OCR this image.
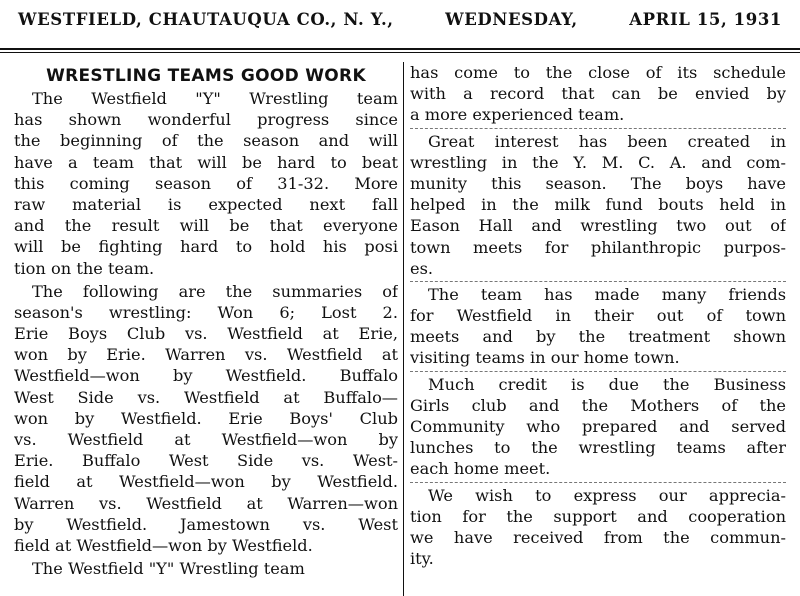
WESTFIELD, CHAUTAUQUA CO., N. Y.,	WEDNESDAY,	APRIL 15, 1931
WRESTLING TEAMS GOOD WORK
The Westfield "Y" Wrestling team
has shown wonderful progress since
the beginning of the season and will
have a team that will be hard to beat
this coming season of 31-32. More
raw material is expected next fall
and the result will be that everyone
will be fighting hard to hold his posi
tion on the team.
The following are the summaries of
season's wrestling: Won 6; Lost 2.
Erie Boys Club vs. Westfield at Erie,
won by Erie. Warren vs. Westfield at
Westfield—won by Westfield. Buffalo
West Side vs. Westfield at Buffalo—
won by Westfield. Erie Boys' Club
vs. Westfield at Westfield—won by
Erie. Buffalo West Side vs. West-
field at Westfield—won by Westfield.
Warren vs. Westfield at Warren—won
by Westfield. Jamestown vs. West
field at Westfield—won by Westfield.
The Westfield "Y" Wrestling team
has come to the close of its schedule
with a record that can be envied by
a more experienced team.
Great interest has been created in
wrestling in the Y. M. C. A. and com-
munity this season. The boys have
helped in the milk fund bouts held in
Eason Hall and wrestling two out of
town meets for philanthropic purpos-
es.
The team has made many friends
for Westfield in their out of town
meets and by the treatment shown
visiting teams in our home town.
Much credit is due the Business
Girls club and the Mothers of the
Community who prepared and served
lunches to the wrestling teams after
each home meet.
We wish to express our apprecia-
tion for the support and cooperation
we have received from the commun-
ity.
